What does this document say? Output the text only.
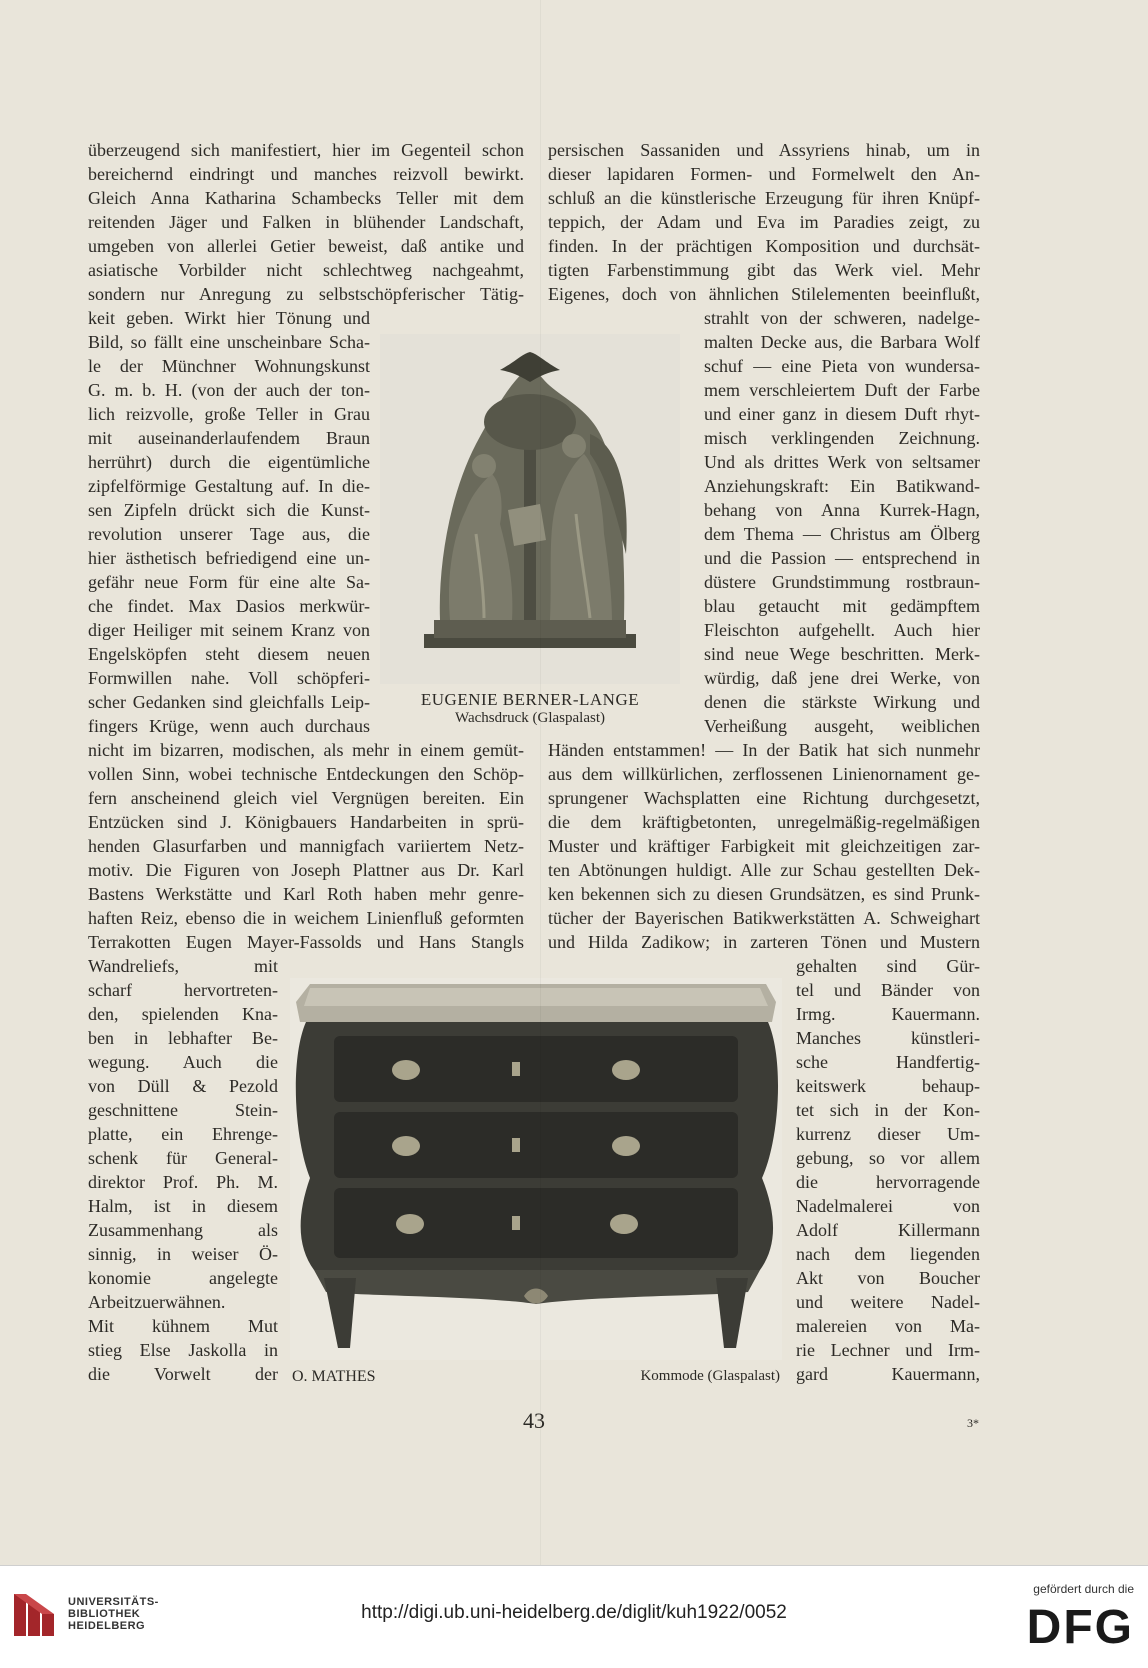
überzeugend sich manifestiert, hier im Gegenteil schon
bereichernd eindringt und manches reizvoll bewirkt.
Gleich Anna Katharina Schambecks Teller mit dem
reitenden Jäger und Falken in blühender Landschaft,
umgeben von allerlei Getier beweist, daß antike und
asiatische Vorbilder nicht schlechtweg nachgeahmt,
sondern nur Anregung zu selbstschöpferischer Tätig-
keit geben. Wirkt hier Tönung und
Bild, so fällt eine unscheinbare Scha-
le der Münchner Wohnungskunst
G. m. b. H. (von der auch der ton-
lich reizvolle, große Teller in Grau
mit auseinanderlaufendem Braun
herrührt) durch die eigentümliche
zipfelförmige Gestaltung auf. In die-
sen Zipfeln drückt sich die Kunst-
revolution unserer Tage aus, die
hier ästhetisch befriedigend eine un-
gefähr neue Form für eine alte Sa-
che findet. Max Dasios merkwür-
diger Heiliger mit seinem Kranz von
Engelsköpfen steht diesem neuen
Formwillen nahe. Voll schöpferi-
scher Gedanken sind gleichfalls Leip-
fingers Krüge, wenn auch durchaus
nicht im bizarren, modischen, als mehr in einem gemüt-
vollen Sinn, wobei technische Entdeckungen den Schöp-
fern anscheinend gleich viel Vergnügen bereiten. Ein
Entzücken sind J. Königbauers Handarbeiten in sprü-
henden Glasurfarben und mannigfach variiertem Netz-
motiv. Die Figuren von Joseph Plattner aus Dr. Karl
Bastens Werkstätte und Karl Roth haben mehr genre-
haften Reiz, ebenso die in weichem Linienfluß geformten
Terrakotten Eugen Mayer-Fassolds und Hans Stangls
Wandreliefs, mit
scharf hervortreten-
den, spielenden Kna-
ben in lebhafter Be-
wegung. Auch die
von Düll & Pezold
geschnittene Stein-
platte, ein Ehrenge-
schenk für General-
direktor Prof. Ph. M.
Halm, ist in diesem
Zusammenhang als
sinnig, in weiser Ö-
konomie angelegte
Arbeitzuerwähnen.
Mit kühnem Mut
stieg Else Jaskolla in
die Vorwelt der
persischen Sassaniden und Assyriens hinab, um in
dieser lapidaren Formen- und Formelwelt den An-
schluß an die künstlerische Erzeugung für ihren Knüpf-
teppich, der Adam und Eva im Paradies zeigt, zu
finden. In der prächtigen Komposition und durchsät-
tigten Farbenstimmung gibt das Werk viel. Mehr
Eigenes, doch von ähnlichen Stilelementen beeinflußt,
strahlt von der schweren, nadelge-
malten Decke aus, die Barbara Wolf
schuf — eine Pieta von wundersa-
mem verschleiertem Duft der Farbe
und einer ganz in diesem Duft rhyt-
misch verklingenden Zeichnung.
Und als drittes Werk von seltsamer
Anziehungskraft: Ein Batikwand-
behang von Anna Kurrek-Hagn,
dem Thema — Christus am Ölberg
und die Passion — entsprechend in
düstere Grundstimmung rostbraun-
blau getaucht mit gedämpftem
Fleischton aufgehellt. Auch hier
sind neue Wege beschritten. Merk-
würdig, daß jene drei Werke, von
denen die stärkste Wirkung und
Verheißung ausgeht, weiblichen
Händen entstammen! — In der Batik hat sich nunmehr
aus dem willkürlichen, zerflossenen Linienornament ge-
sprungener Wachsplatten eine Richtung durchgesetzt,
die dem kräftigbetonten, unregelmäßig-regelmäßigen
Muster und kräftiger Farbigkeit mit gleichzeitigen zar-
ten Abtönungen huldigt. Alle zur Schau gestellten Dek-
ken bekennen sich zu diesen Grundsätzen, es sind Prunk-
tücher der Bayerischen Batikwerkstätten A. Schweighart
und Hilda Zadikow; in zarteren Tönen und Mustern
gehalten sind Gür-
tel und Bänder von
Irmg. Kauermann.
Manches künstleri-
sche Handfertig-
keitswerk behaup-
tet sich in der Kon-
kurrenz dieser Um-
gebung, so vor allem
die hervorragende
Nadelmalerei von
Adolf Killermann
nach dem liegenden
Akt von Boucher
und weitere Nadel-
malereien von Ma-
rie Lechner und Irm-
gard Kauermann,
EUGENIE BERNER-LANGE
Wachsdruck (Glaspalast)
O. MATHES	Kommode (Glaspalast)
43	3*
UNIVERSITÄTS-
BIBLIOTHEK
HEIDELBERG
http://digi.ub.uni-heidelberg.de/diglit/kuh1922/0052
gefördert durch die
DFG
